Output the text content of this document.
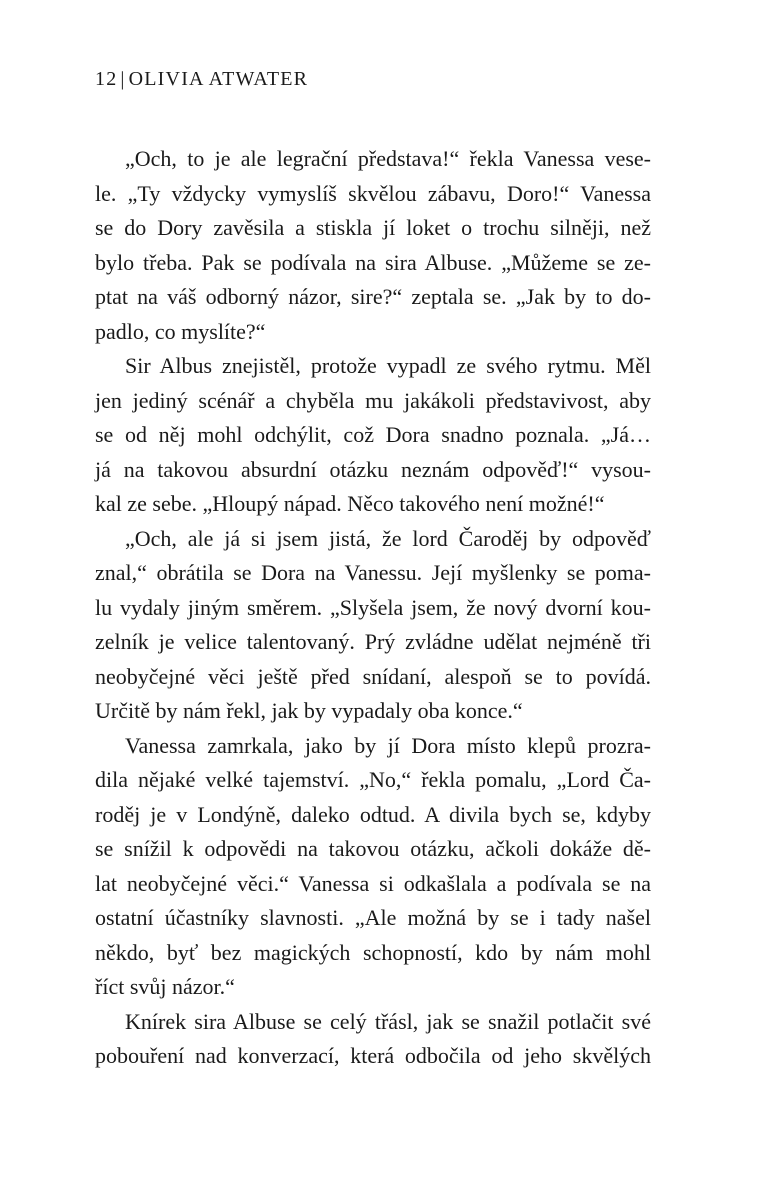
12 | OLIVIA ATWATER
„Och, to je ale legrační představa!“ řekla Vanessa vese-
le. „Ty vždycky vymyslíš skvělou zábavu, Doro!“ Vanessa
se do Dory zavěsila a stiskla jí loket o trochu silněji, než
bylo třeba. Pak se podívala na sira Albuse. „Můžeme se ze-
ptat na váš odborný názor, sire?“ zeptala se. „Jak by to do-
padlo, co myslíte?“
Sir Albus znejistěl, protože vypadl ze svého rytmu. Měl
jen jediný scénář a chyběla mu jakákoli představivost, aby
se od něj mohl odchýlit, což Dora snadno poznala. „Já…
já na takovou absurdní otázku neznám odpověď!“ vysou-
kal ze sebe. „Hloupý nápad. Něco takového není možné!“
„Och, ale já si jsem jistá, že lord Čaroděj by odpověď
znal,“ obrátila se Dora na Vanessu. Její myšlenky se poma-
lu vydaly jiným směrem. „Slyšela jsem, že nový dvorní kou-
zelník je velice talentovaný. Prý zvládne udělat nejméně tři
neobyčejné věci ještě před snídaní, alespoň se to povídá.
Určitě by nám řekl, jak by vypadaly oba konce.“
Vanessa zamrkala, jako by jí Dora místo klepů prozra-
dila nějaké velké tajemství. „No,“ řekla pomalu, „Lord Ča-
roděj je v Londýně, daleko odtud. A divila bych se, kdyby
se snížil k odpovědi na takovou otázku, ačkoli dokáže dě-
lat neobyčejné věci.“ Vanessa si odkašlala a podívala se na
ostatní účastníky slavnosti. „Ale možná by se i tady našel
někdo, byť bez magických schopností, kdo by nám mohl
říct svůj názor.“
Knírek sira Albuse se celý třásl, jak se snažil potlačit své
pobouření nad konverzací, která odbočila od jeho skvělých
